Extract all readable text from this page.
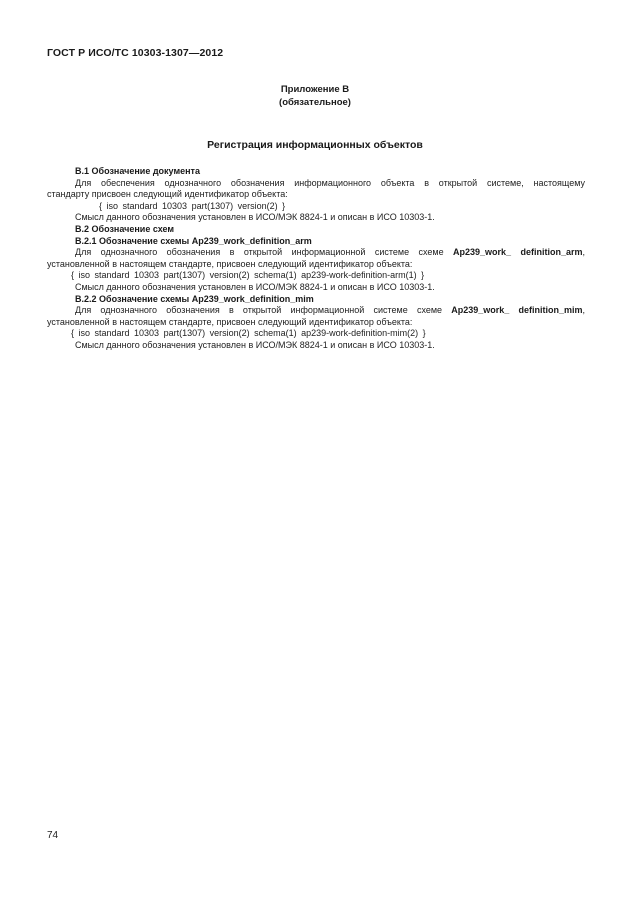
ГОСТ Р ИСО/ТС 10303-1307—2012
Приложение В
(обязательное)
Регистрация информационных объектов

В.1 Обозначение документа

Для обеспечения однозначного обозначения информационного объекта в открытой системе, настоящему

стандарту присвоен следующий идентификатор объекта:

{ iso standard 10303 part(1307) version(2) }

Смысл данного обозначения установлен в ИСО/МЭК 8824-1 и описан в ИСО 10303-1.

В.2 Обозначение схем

В.2.1 Обозначение схемы Ap239_work_definition_arm

Для однозначного обозначения в открытой информационной системе схеме Ap239_work_ definition_arm,

установленной в настоящем стандарте, присвоен следующий идентификатор объекта:

{ iso standard 10303 part(1307) version(2) schema(1) ap239-work-definition-arm(1) }

Смысл данного обозначения установлен в ИСО/МЭК 8824-1 и описан в ИСО 10303-1.

В.2.2 Обозначение схемы Ap239_work_definition_mim

Для однозначного обозначения в открытой информационной системе схеме Ap239_work_ definition_mim,

установленной в настоящем стандарте, присвоен следующий идентификатор объекта:

{ iso standard 10303 part(1307) version(2) schema(1) ap239-work-definition-mim(2) }

Смысл данного обозначения установлен в ИСО/МЭК 8824-1 и описан в ИСО 10303-1.

74
